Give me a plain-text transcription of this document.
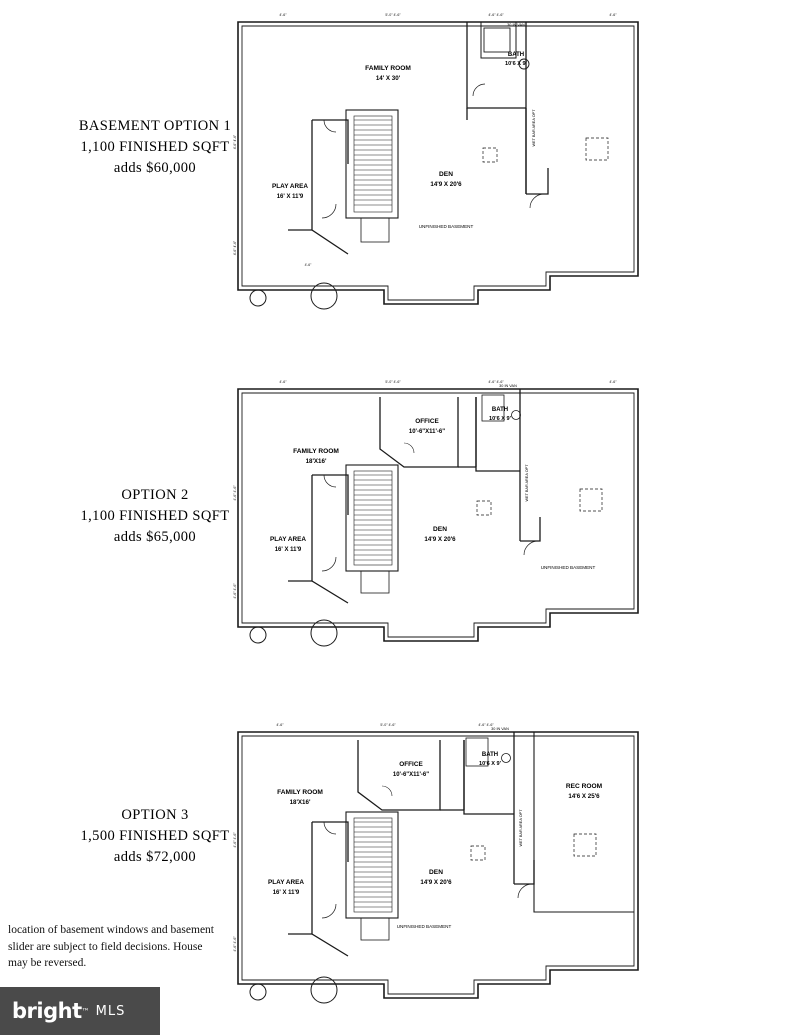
BASEMENT OPTION 1
1,100 FINISHED SQFT
adds $60,000
4'-6"	5'-0" 4'-6"	4'-6" 4'-6"	4'-6"
4'-6" 4'-6"
4'-6" 4'-6"
4'-6"
FAMILY ROOM
14' X 30'
BATH
10'6 X 9'
PLAY AREA
16' X 11'9
DEN
14'9 X 20'6
UNFINISHED BASEMENT
WET BAR AREA OPT
30 IN VAN
OPTION 2
1,100 FINISHED SQFT
adds $65,000
4'-6"	5'-0" 4'-6"	4'-6" 4'-6"	4'-6"
4'-6" 4'-6"
4'-6" 4'-6"
FAMILY ROOM
18'X16'
OFFICE
10'-6"X11'-6"
BATH
10'6 X 9'
PLAY AREA
16' X 11'9
DEN
14'9 X 20'6
UNFINISHED BASEMENT
WET BAR AREA OPT
30 IN VAN
OPTION 3
1,500 FINISHED SQFT
adds $72,000
4'-6"	5'-0" 4'-6"	4'-6" 4'-6"
4'-6" 4'-6"
4'-6" 4'-6"
FAMILY ROOM
18'X16'
OFFICE
10'-6"X11'-6"
BATH
10'6 X 9'
REC ROOM
14'6 X 25'6
PLAY AREA
16' X 11'9
DEN
14'9 X 20'6
UNFINISHED BASEMENT
WET BAR AREA OPT
30 IN VAN
location of basement windows and basement slider are subject to field decisions. House may be reversed.
bright ™ MLS
